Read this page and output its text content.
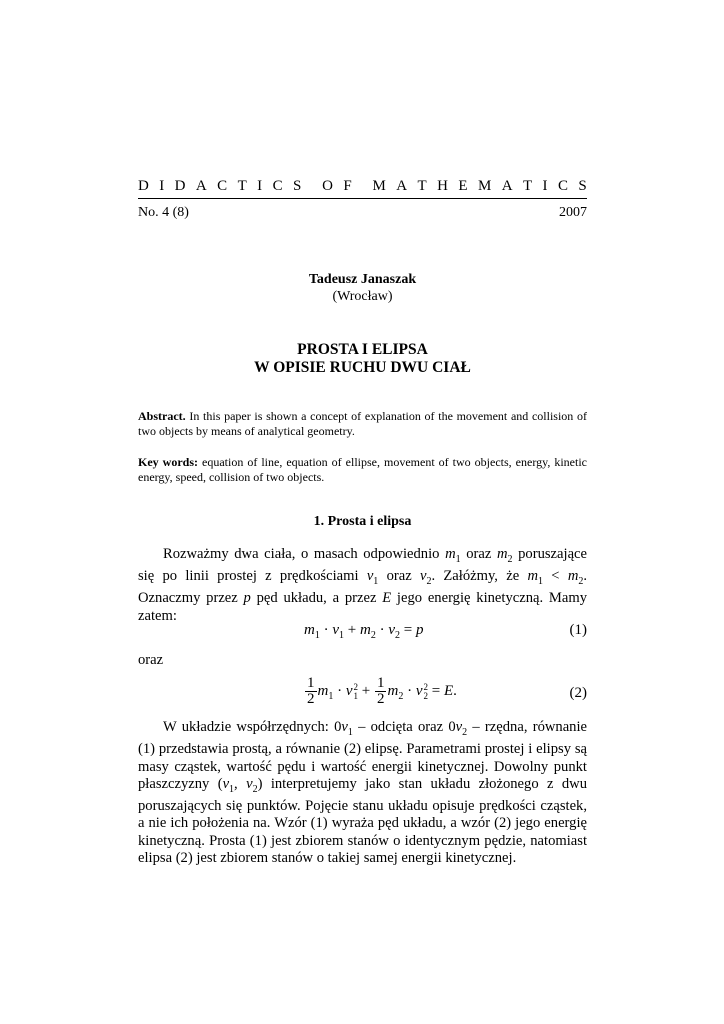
D I D A C T I C S O F M A T H E M A T I C S
No. 4 (8)	2007
Tadeusz Janaszak
(Wrocław)
PROSTA I ELIPSA
W OPISIE RUCHU DWU CIAŁ
Abstract. In this paper is shown a concept of explanation of the movement and collision of two objects by means of analytical geometry.
Key words: equation of line, equation of ellipse, movement of two objects, energy, kinetic energy, speed, collision of two objects.
1. Prosta i elipsa
Rozważmy dwa ciała, o masach odpowiednio $m_1$ oraz $m_2$ poruszające się po linii prostej z prędkościami $v_1$ oraz $v_2$. Załóżmy, że $m_1 < m_2$. Oznaczmy przez p pęd układu, a przez E jego energię kinetyczną. Mamy zatem:
$m_1 \cdot v_1 + m_2 \cdot v_2 = p$	(1)
oraz
$\frac{1}{2} m_1 \cdot v$ 2
$1 + \frac{1}{2} m_2 \cdot v$ 2
2 = E.	(2)
W układzie współrzędnych: $0v_1$ – odcięta oraz $0v_2$ – rzędna, równanie (1) przedstawia prostą, a równanie (2) elipsę. Parametrami prostej i elipsy są masy cząstek, wartość pędu i wartość energii kinetycznej. Dowolny punkt płaszczyzny ($v_1$, $v_2$) interpretujemy jako stan układu złożonego z dwu poruszających się punktów. Pojęcie stanu układu opisuje prędkości cząstek, a nie ich położenia na. Wzór (1) wyraża pęd układu, a wzór (2) jego energię kinetyczną. Prosta (1) jest zbiorem stanów o identycznym pędzie, natomiast elipsa (2) jest zbiorem stanów o takiej samej energii kinetycznej.
